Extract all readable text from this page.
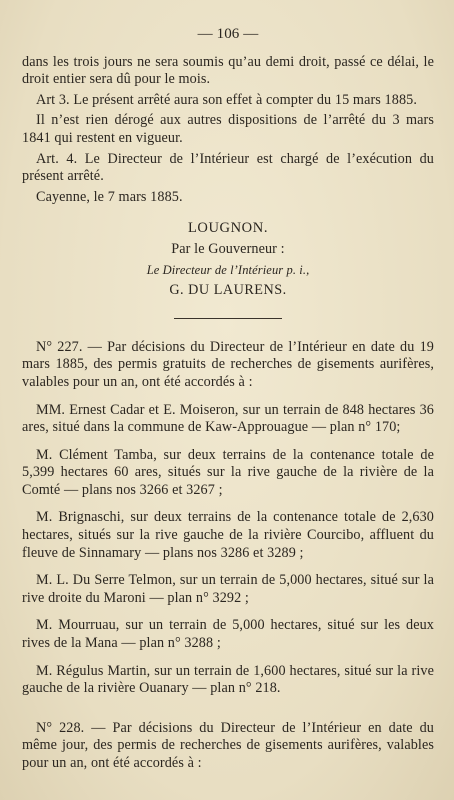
— 106 —

dans les trois jours ne sera soumis qu’au demi droit, passé ce délai, le droit entier sera dû pour le mois.

Art 3. Le présent arrêté aura son effet à compter du 15 mars 1885.

Il n’est rien dérogé aux autres dispositions de l’arrêté du 3 mars 1841 qui restent en vigueur.

Art. 4. Le Directeur de l’Intérieur est chargé de l’exécution du présent arrêté.

Cayenne, le 7 mars 1885.

LOUGNON.
Par le Gouverneur :
Le Directeur de l’Intérieur p. i.,
G. DU LAURENS.

N° 227. — Par décisions du Directeur de l’Intérieur en date du 19 mars 1885, des permis gratuits de recherches de gisements aurifères, valables pour un an, ont été accordés à :

MM. Ernest Cadar et E. Moiseron, sur un terrain de 848 hectares 36 ares, situé dans la commune de Kaw-Approuague — plan n° 170;

M. Clément Tamba, sur deux terrains de la contenance totale de 5,399 hectares 60 ares, situés sur la rive gauche de la rivière de la Comté — plans nos 3266 et 3267 ;

M. Brignaschi, sur deux terrains de la contenance totale de 2,630 hectares, situés sur la rive gauche de la rivière Courcibo, affluent du fleuve de Sinnamary — plans nos 3286 et 3289 ;

M. L. Du Serre Telmon, sur un terrain de 5,000 hectares, situé sur la rive droite du Maroni — plan n° 3292 ;

M. Mourruau, sur un terrain de 5,000 hectares, situé sur les deux rives de la Mana — plan n° 3288 ;

M. Régulus Martin, sur un terrain de 1,600 hectares, situé sur la rive gauche de la rivière Ouanary — plan n° 218.

N° 228. — Par décisions du Directeur de l’Intérieur en date du même jour, des permis de recherches de gisements aurifères, valables pour un an, ont été accordés à :
